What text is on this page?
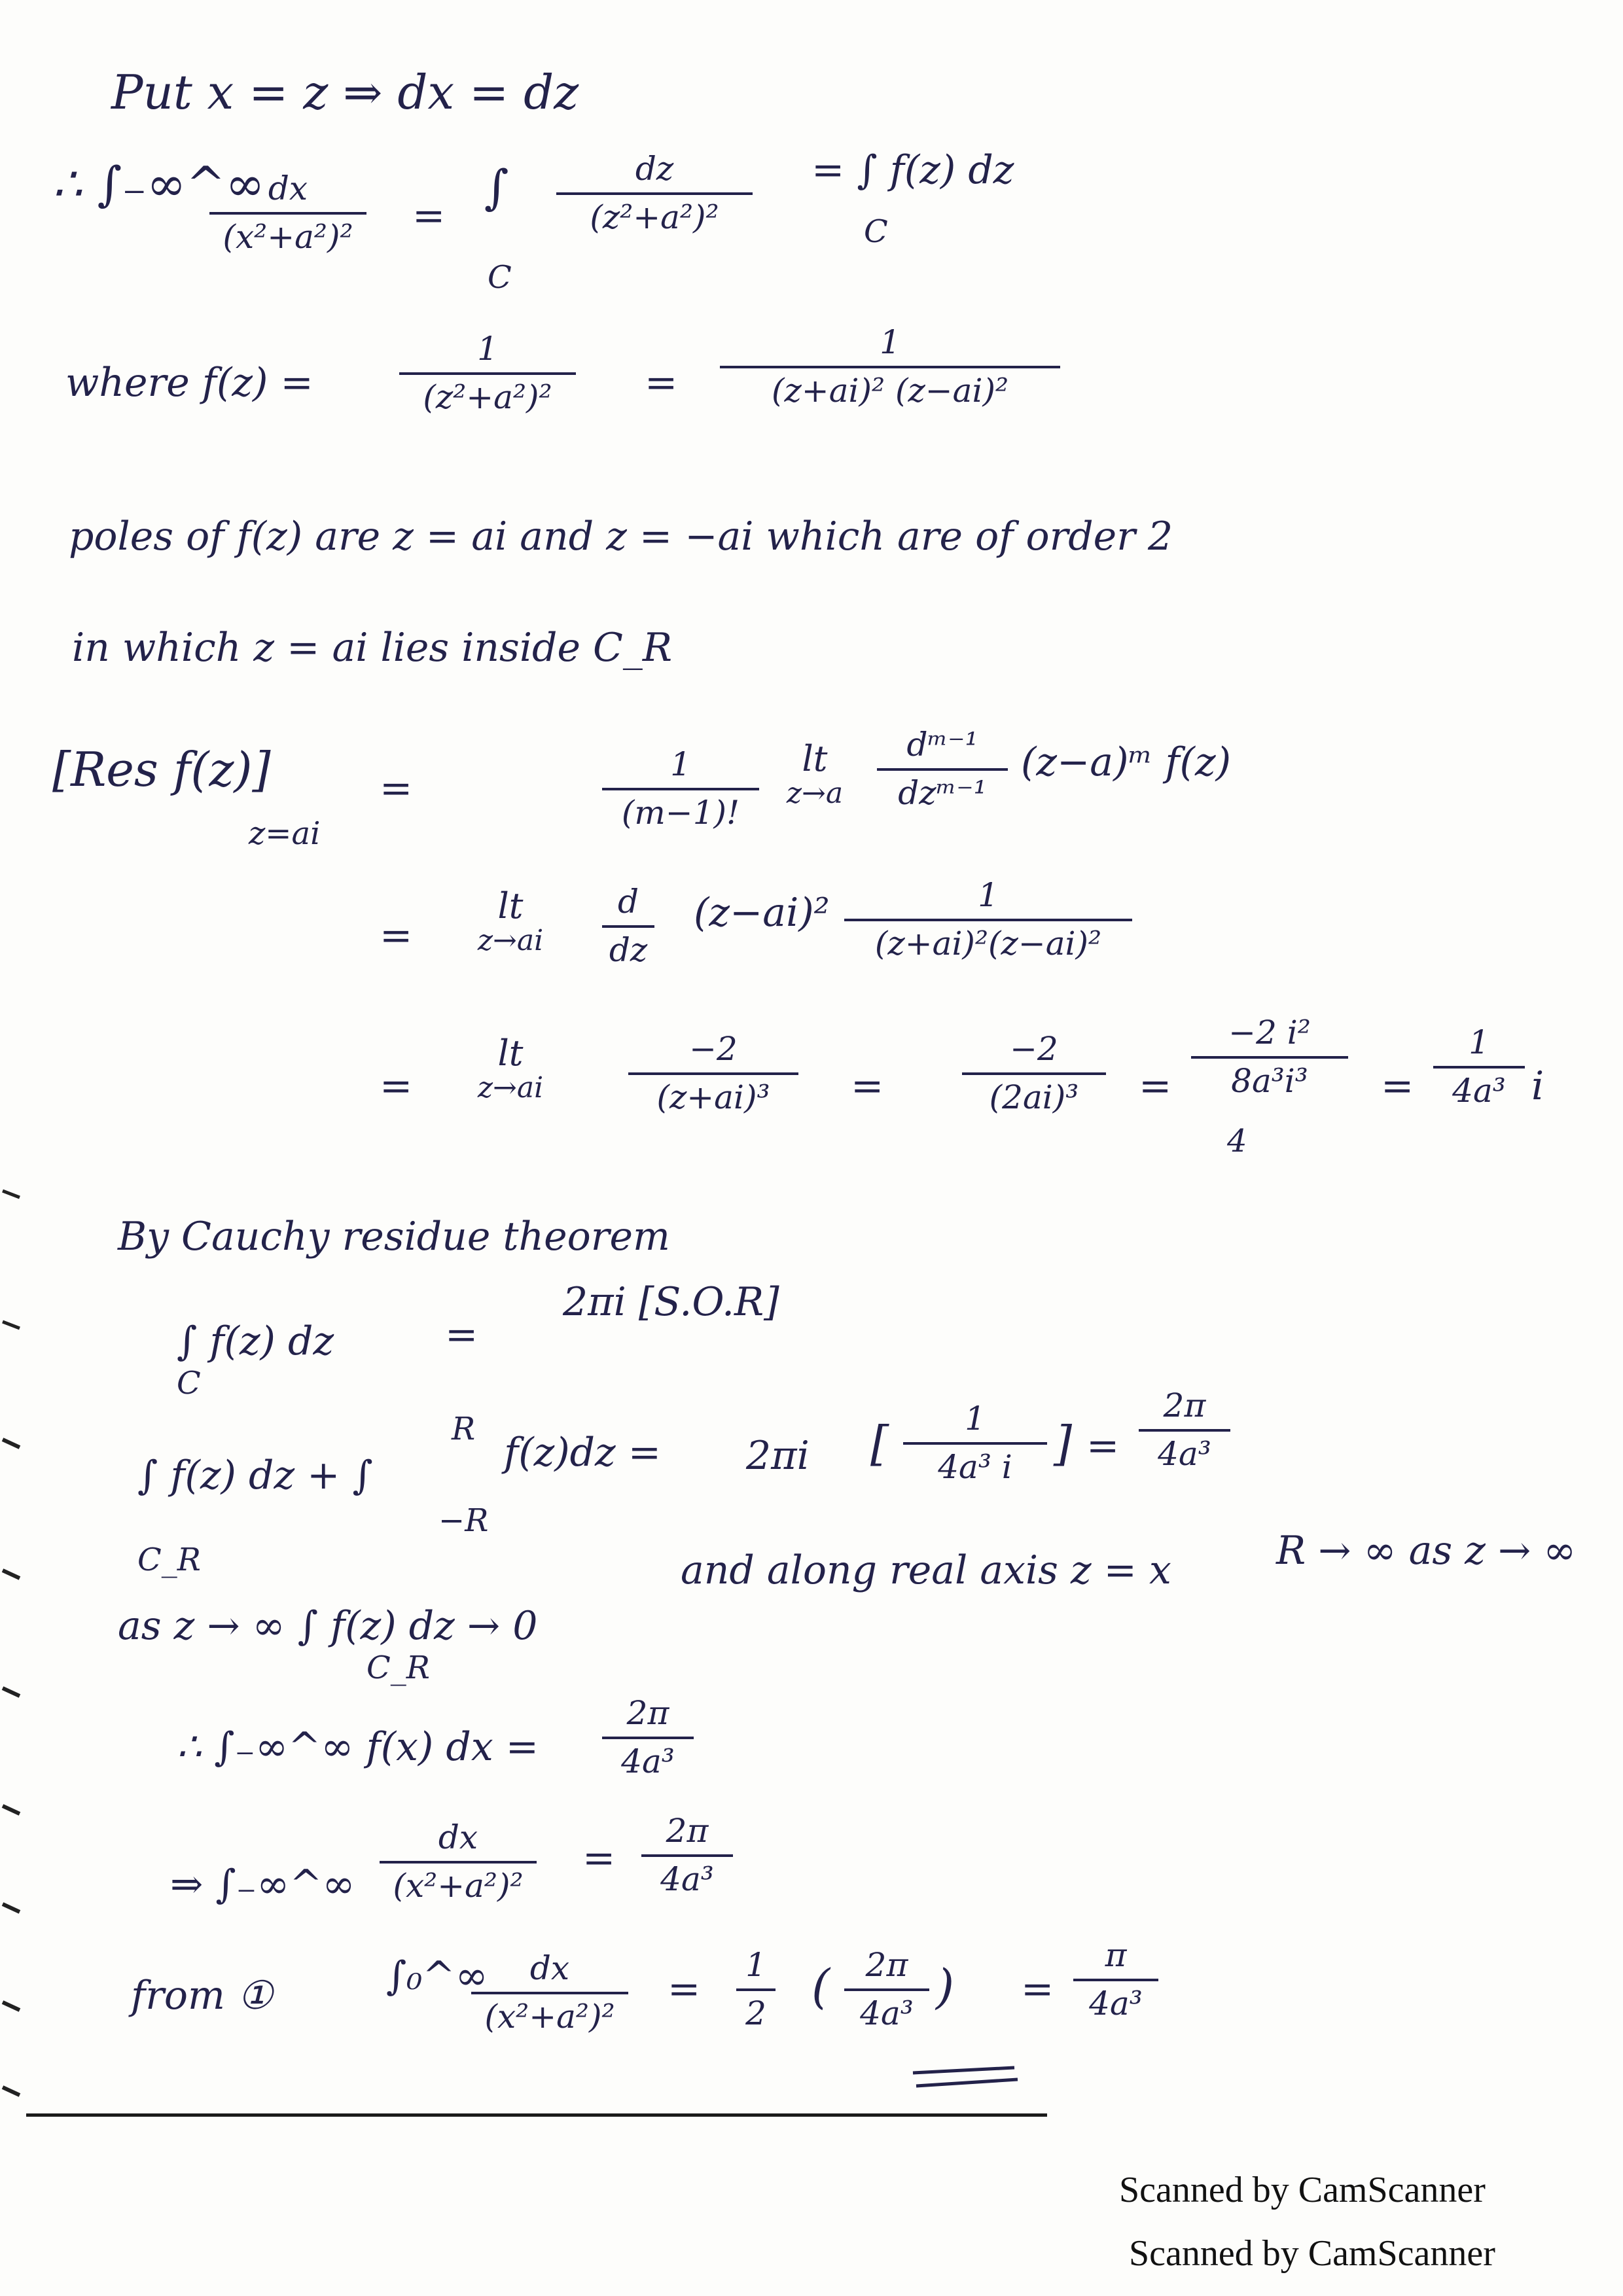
Put x = z ⇒ dx = dz
∴ ∫₋∞^∞ dx
(x²+a²)²	=
∫
C
dz
(z²+a²)²
= ∫ f(z) dz
C
where f(z) =
1
(z²+a²)²	=
1
(z+ai)² (z−ai)²
poles of f(z) are z = ai and z = −ai which are of order 2
in which z = ai lies inside C_R
[Res f(z)]
z=ai
=
1
(m−1)!
lt
z→a
dᵐ⁻¹
dzᵐ⁻¹
(z−a)ᵐ f(z)
=
lt
z→ai
d
dz
(z−ai)²	1
(z+ai)²(z−ai)²
=
lt
z→ai
−2
(z+ai)³	=
−2
(2ai)³	=
−2 i²
8a³i³
4
=
1
4a³ i
By Cauchy residue theorem
∫ f(z) dz
C
=
2πi [S.O.R]
∫ f(z) dz + ∫
C_R
R
−R
f(z)dz = 2πi [	1
4a³ i ] =
2π
4a³
and along real axis z = x	R → ∞ as z → ∞
as z → ∞ ∫ f(z) dz → 0
C_R
∴ ∫₋∞^∞ f(x) dx =
2π
4a³
⇒ ∫₋∞^∞
dx
(x²+a²)²
=
2π
4a³
from ①	∫₀^∞	dx
(x²+a²)²
=
1
2 (	2π
4a³ ) =
π
4a³
Scanned by CamScanner
Scanned by CamScanner
